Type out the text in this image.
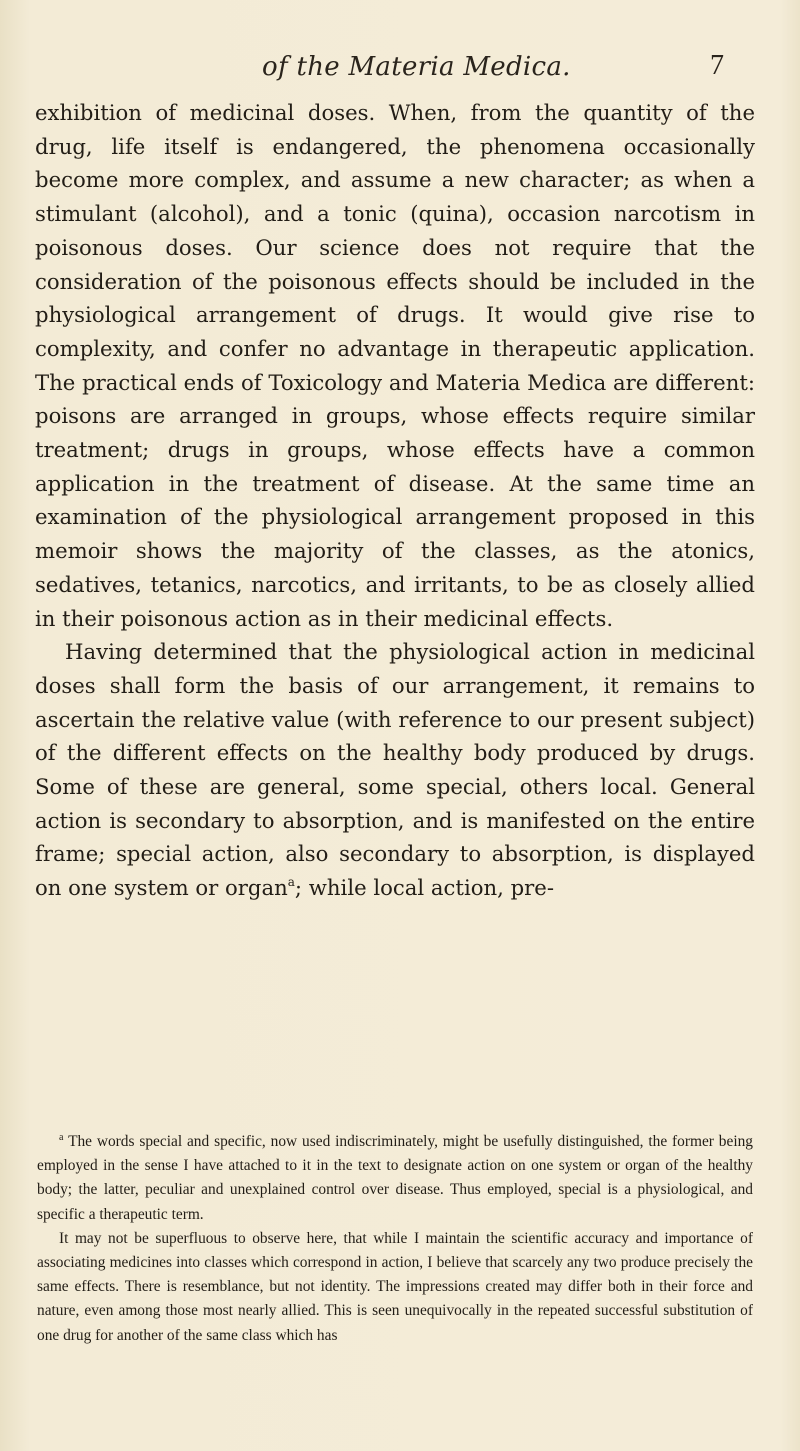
of the Materia Medica.	7

exhibition of medicinal doses. When, from the quantity of the drug, life itself is endangered, the phenomena occasionally become more complex, and assume a new character; as when a stimulant (alcohol), and a tonic (quina), occasion narcotism in poisonous doses. Our science does not require that the consideration of the poisonous effects should be included in the physiological arrangement of drugs. It would give rise to complexity, and confer no advantage in therapeutic application. The practical ends of Toxicology and Materia Medica are different: poisons are arranged in groups, whose effects require similar treatment; drugs in groups, whose effects have a common application in the treatment of disease. At the same time an examination of the physiological arrangement proposed in this memoir shows the majority of the classes, as the atonics, sedatives, tetanics, narcotics, and irritants, to be as closely allied in their poisonous action as in their medicinal effects.

Having determined that the physiological action in medicinal doses shall form the basis of our arrangement, it remains to ascertain the relative value (with reference to our present subject) of the different effects on the healthy body produced by drugs. Some of these are general, some special, others local. General action is secondary to absorption, and is manifested on the entire frame; special action, also secondary to absorption, is displayed on one system or organ$^a$; while local action, pre-

$^a$ The words special and specific, now used indiscriminately, might be usefully distinguished, the former being employed in the sense I have attached to it in the text to designate action on one system or organ of the healthy body; the latter, peculiar and unexplained control over disease. Thus employed, special is a physiological, and specific a therapeutic term.

It may not be superfluous to observe here, that while I maintain the scientific accuracy and importance of associating medicines into classes which correspond in action, I believe that scarcely any two produce precisely the same effects. There is resemblance, but not identity. The impressions created may differ both in their force and nature, even among those most nearly allied. This is seen unequivocally in the repeated successful substitution of one drug for another of the same class which has
